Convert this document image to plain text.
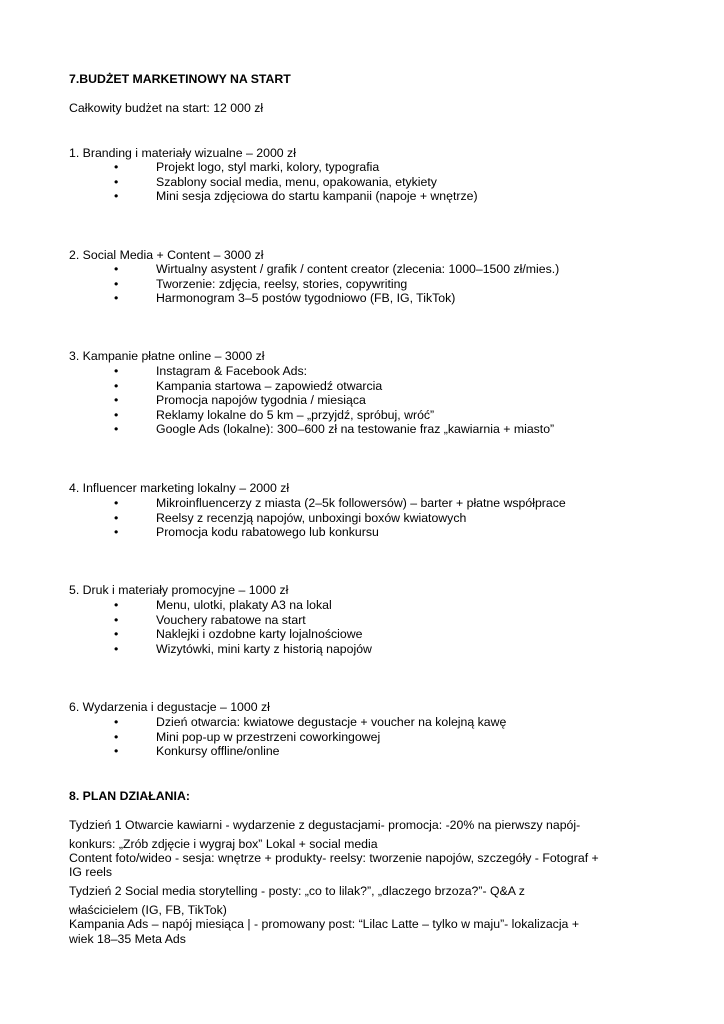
7.BUDŻET MARKETINOWY NA START
Całkowity budżet na start: 12 000 zł
1. Branding i materiały wizualne – 2000 zł
•	Projekt logo, styl marki, kolory, typografia
•	Szablony social media, menu, opakowania, etykiety
•	Mini sesja zdjęciowa do startu kampanii (napoje + wnętrze)
2. Social Media + Content – 3000 zł
•	Wirtualny asystent / grafik / content creator (zlecenia: 1000–1500 zł/mies.)
•	Tworzenie: zdjęcia, reelsy, stories, copywriting
•	Harmonogram 3–5 postów tygodniowo (FB, IG, TikTok)
3. Kampanie płatne online – 3000 zł
•	Instagram & Facebook Ads:
•	Kampania startowa – zapowiedź otwarcia
•	Promocja napojów tygodnia / miesiąca
•	Reklamy lokalne do 5 km – „przyjdź, spróbuj, wróć”
•	Google Ads (lokalne): 300–600 zł na testowanie fraz „kawiarnia + miasto”
4. Influencer marketing lokalny – 2000 zł
•	Mikroinfluencerzy z miasta (2–5k followersów) – barter + płatne współprace
•	Reelsy z recenzją napojów, unboxingi boxów kwiatowych
•	Promocja kodu rabatowego lub konkursu
5. Druk i materiały promocyjne – 1000 zł
•	Menu, ulotki, plakaty A3 na lokal
•	Vouchery rabatowe na start
•	Naklejki i ozdobne karty lojalnościowe
•	Wizytówki, mini karty z historią napojów
6. Wydarzenia i degustacje – 1000 zł
•	Dzień otwarcia: kwiatowe degustacje + voucher na kolejną kawę
•	Mini pop-up w przestrzeni coworkingowej
•	Konkursy offline/online
8. PLAN DZIAŁANIA:
Tydzień 1 Otwarcie kawiarni - wydarzenie z degustacjami- promocja: -20% na pierwszy napój-
konkurs: „Zrób zdjęcie i wygraj box” Lokal + social media
Content foto/wideo - sesja: wnętrze + produkty- reelsy: tworzenie napojów, szczegóły - Fotograf +
IG reels
Tydzień 2 Social media storytelling - posty: „co to lilak?”, „dlaczego brzoza?”- Q&A z
właścicielem (IG, FB, TikTok)
Kampania Ads – napój miesiąca | - promowany post: “Lilac Latte – tylko w maju”- lokalizacja +
wiek 18–35 Meta Ads
